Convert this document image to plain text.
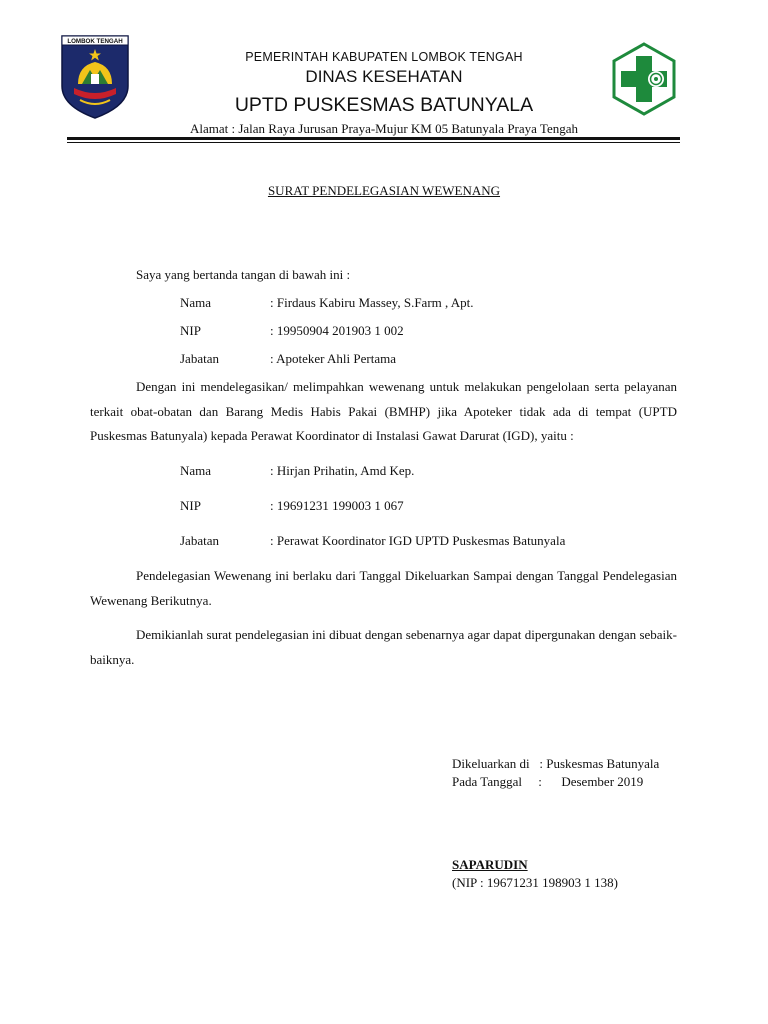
LOMBOK TENGAH
PEMERINTAH KABUPATEN LOMBOK TENGAH
DINAS KESEHATAN
UPTD PUSKESMAS BATUNYALA
Alamat : Jalan Raya Jurusan Praya-Mujur KM 05 Batunyala Praya Tengah
SURAT PENDELEGASIAN WEWENANG
Saya yang bertanda tangan di bawah ini :
Nama	: Firdaus Kabiru Massey, S.Farm , Apt.
NIP	: 19950904 201903 1 002
Jabatan	: Apoteker Ahli Pertama
Dengan ini mendelegasikan/ melimpahkan wewenang untuk melakukan pengelolaan serta pelayanan terkait obat-obatan dan Barang Medis Habis Pakai (BMHP) jika Apoteker tidak ada di tempat (UPTD Puskesmas Batunyala) kepada Perawat Koordinator di Instalasi Gawat Darurat (IGD), yaitu :
Nama	: Hirjan Prihatin, Amd Kep.
NIP	: 19691231 199003 1 067
Jabatan	: Perawat Koordinator IGD UPTD Puskesmas Batunyala
Pendelegasian Wewenang ini berlaku dari Tanggal Dikeluarkan Sampai dengan Tanggal Pendelegasian Wewenang Berikutnya.
Demikianlah surat pendelegasian ini dibuat dengan sebenarnya agar dapat dipergunakan dengan sebaik-baiknya.
Dikeluarkan di   : Puskesmas Batunyala
Pada Tanggal     :      Desember 2019
SAPARUDIN
(NIP : 19671231 198903 1 138)
